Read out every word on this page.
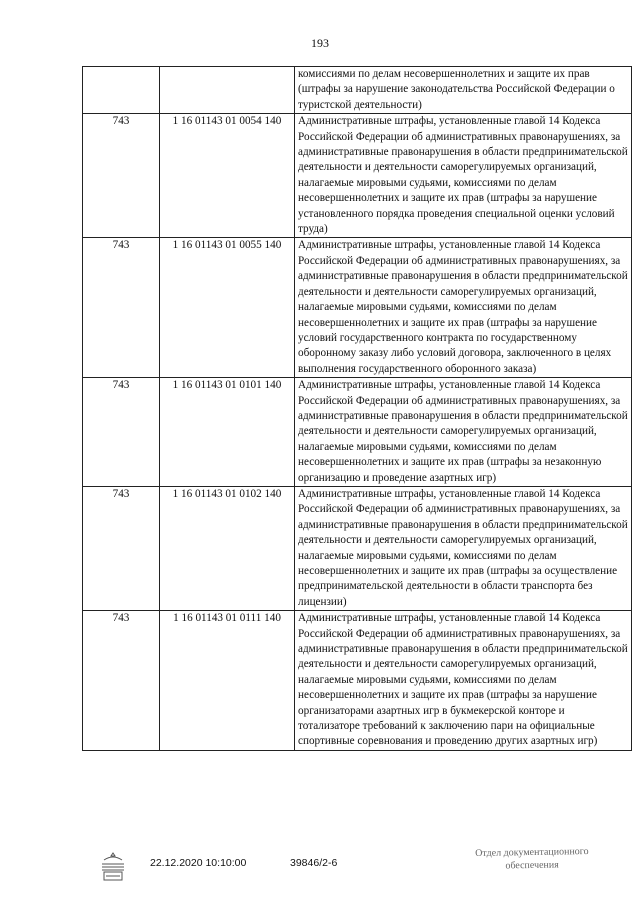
193
		комиссиями по делам несовершеннолетних и защите их прав (штрафы за нарушение законодательства Российской Федерации о туристской деятельности)
743	1 16 01143 01 0054 140	Административные штрафы, установленные главой 14 Кодекса Российской Федерации об административных правонарушениях, за административные правонарушения в области предпринимательской деятельности и деятельности саморегулируемых организаций, налагаемые мировыми судьями, комиссиями по делам несовершеннолетних и защите их прав (штрафы за нарушение установленного порядка проведения специальной оценки условий труда)
743	1 16 01143 01 0055 140	Административные штрафы, установленные главой 14 Кодекса Российской Федерации об административных правонарушениях, за административные правонарушения в области предпринимательской деятельности и деятельности саморегулируемых организаций, налагаемые мировыми судьями, комиссиями по делам несовершеннолетних и защите их прав (штрафы за нарушение условий государственного контракта по государственному оборонному заказу либо условий договора, заключенного в целях выполнения государственного оборонного заказа)
743	1 16 01143 01 0101 140	Административные штрафы, установленные главой 14 Кодекса Российской Федерации об административных правонарушениях, за административные правонарушения в области предпринимательской деятельности и деятельности саморегулируемых организаций, налагаемые мировыми судьями, комиссиями по делам несовершеннолетних и защите их прав (штрафы за незаконную организацию и проведение азартных игр)
743	1 16 01143 01 0102 140	Административные штрафы, установленные главой 14 Кодекса Российской Федерации об административных правонарушениях, за административные правонарушения в области предпринимательской деятельности и деятельности саморегулируемых организаций, налагаемые мировыми судьями, комиссиями по делам несовершеннолетних и защите их прав (штрафы за осуществление предпринимательской деятельности в области транспорта без лицензии)
743	1 16 01143 01 0111 140	Административные штрафы, установленные главой 14 Кодекса Российской Федерации об административных правонарушениях, за административные правонарушения в области предпринимательской деятельности и деятельности саморегулируемых организаций, налагаемые мировыми судьями, комиссиями по делам несовершеннолетних и защите их прав (штрафы за нарушение организаторами азартных игр в букмекерской конторе и тотализаторе требований к заключению пари на официальные спортивные соревнования и проведению других азартных игр)
22.12.2020 10:10:00	39846/2-6
Отдел документационного
обеспечения
